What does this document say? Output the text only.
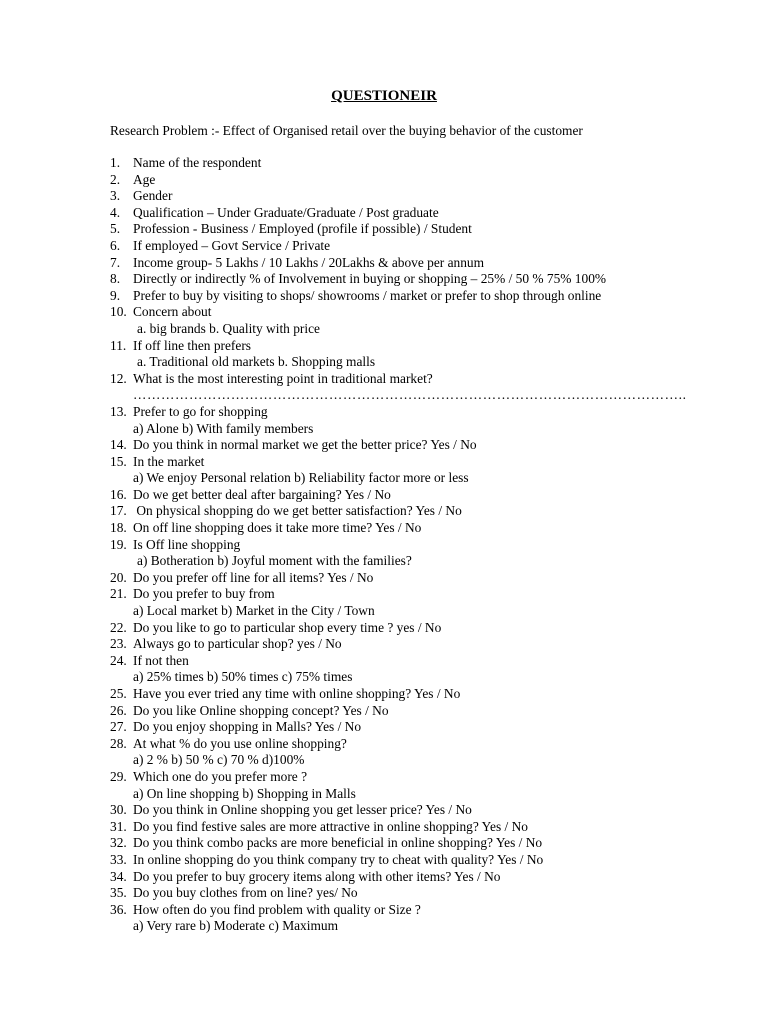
QUESTIONEIR
Research Problem :- Effect of Organised retail over the buying behavior of the customer
1. Name of the respondent
2. Age
3. Gender
4. Qualification – Under Graduate/Graduate / Post graduate
5. Profession - Business / Employed (profile if possible) / Student
6. If employed – Govt Service / Private
7. Income group- 5 Lakhs / 10 Lakhs / 20Lakhs & above per annum
8. Directly or indirectly % of Involvement in buying or shopping – 25% / 50 % 75% 100%
9. Prefer to buy by visiting to shops/ showrooms / market or prefer to shop through online
10. Concern about
a. big brands b. Quality with price
11. If off line then prefers
a. Traditional old markets b. Shopping malls
12. What is the most interesting point in traditional market?
………………………………………………………………………………………………………..
13. Prefer to go for shopping
a) Alone b) With family members
14. Do you think in normal market we get the better price? Yes / No
15. In the market
a) We enjoy Personal relation b) Reliability factor more or less
16. Do we get better deal after bargaining? Yes / No
17. On physical shopping do we get better satisfaction? Yes / No
18. On off line shopping does it take more time? Yes / No
19. Is Off line shopping
a) Botheration b) Joyful moment with the families?
20. Do you prefer off line for all items? Yes / No
21. Do you prefer to buy from
a) Local market b) Market in the City / Town
22. Do you like to go to particular shop every time ? yes / No
23. Always go to particular shop? yes / No
24. If not then
a) 25% times b) 50% times c) 75% times
25. Have you ever tried any time with online shopping? Yes / No
26. Do you like Online shopping concept? Yes / No
27. Do you enjoy shopping in Malls? Yes / No
28. At what % do you use online shopping?
a) 2 % b) 50 % c) 70 % d)100%
29. Which one do you prefer more ?
a) On line shopping b) Shopping in Malls
30. Do you think in Online shopping you get lesser price? Yes / No
31. Do you find festive sales are more attractive in online shopping? Yes / No
32. Do you think combo packs are more beneficial in online shopping? Yes / No
33. In online shopping do you think company try to cheat with quality? Yes / No
34. Do you prefer to buy grocery items along with other items? Yes / No
35. Do you buy clothes from on line? yes/ No
36. How often do you find problem with quality or Size ?
a) Very rare b) Moderate c) Maximum
